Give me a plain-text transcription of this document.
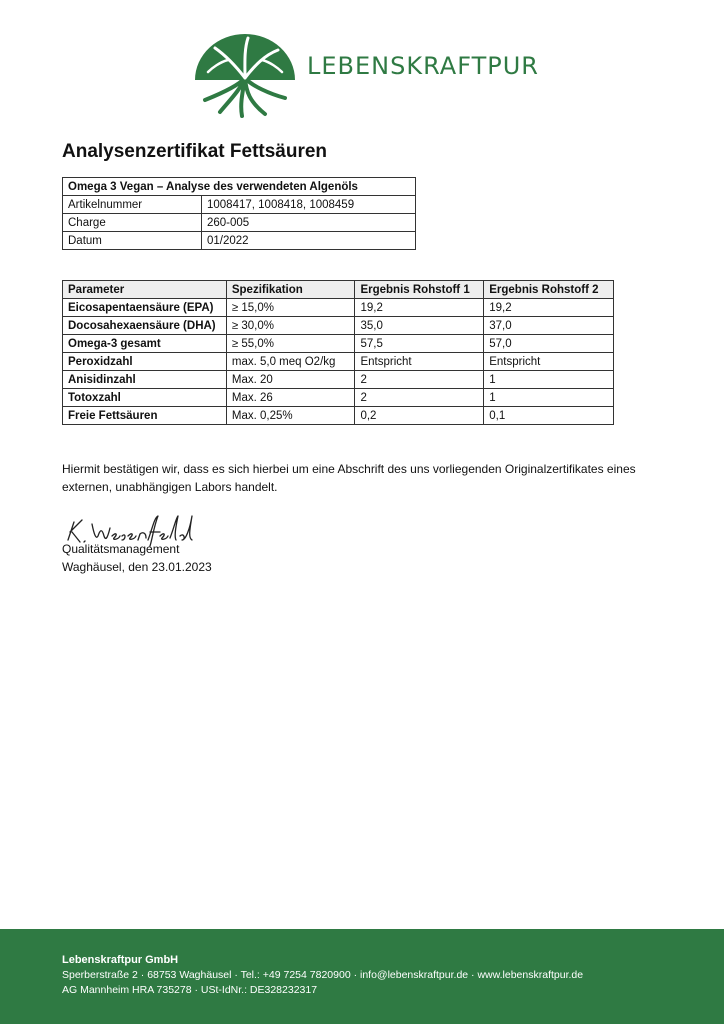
LEBENSKRAFTPUR
Analysenzertifikat Fettsäuren
Omega 3 Vegan – Analyse des verwendeten Algenöls	
Artikelnummer	1008417, 1008418, 1008459
Charge	260-005
Datum	01/2022
Parameter	Spezifikation	Ergebnis Rohstoff 1	Ergebnis Rohstoff 2
Eicosapentaensäure (EPA)	≥ 15,0%	19,2	19,2
Docosahexaensäure (DHA)	≥ 30,0%	35,0	37,0
Omega-3 gesamt	≥ 55,0%	57,5	57,0
Peroxidzahl	max. 5,0 meq O2/kg	Entspricht	Entspricht
Anisidinzahl	Max. 20	2	1
Totoxzahl	Max. 26	2	1
Freie Fettsäuren	Max. 0,25%	0,2	0,1

Hiermit bestätigen wir, dass es sich hierbei um eine Abschrift des uns vorliegenden Originalzertifikates eines externen, unabhängigen Labors handelt.

Qualitätsmanagement
Waghäusel, den 23.01.2023
Lebenskraftpur GmbH
Sperberstraße 2 · 68753 Waghäusel · Tel.: +49 7254 7820900 · info@lebenskraftpur.de · www.lebenskraftpur.de
AG Mannheim HRA 735278 · USt-IdNr.: DE328232317
